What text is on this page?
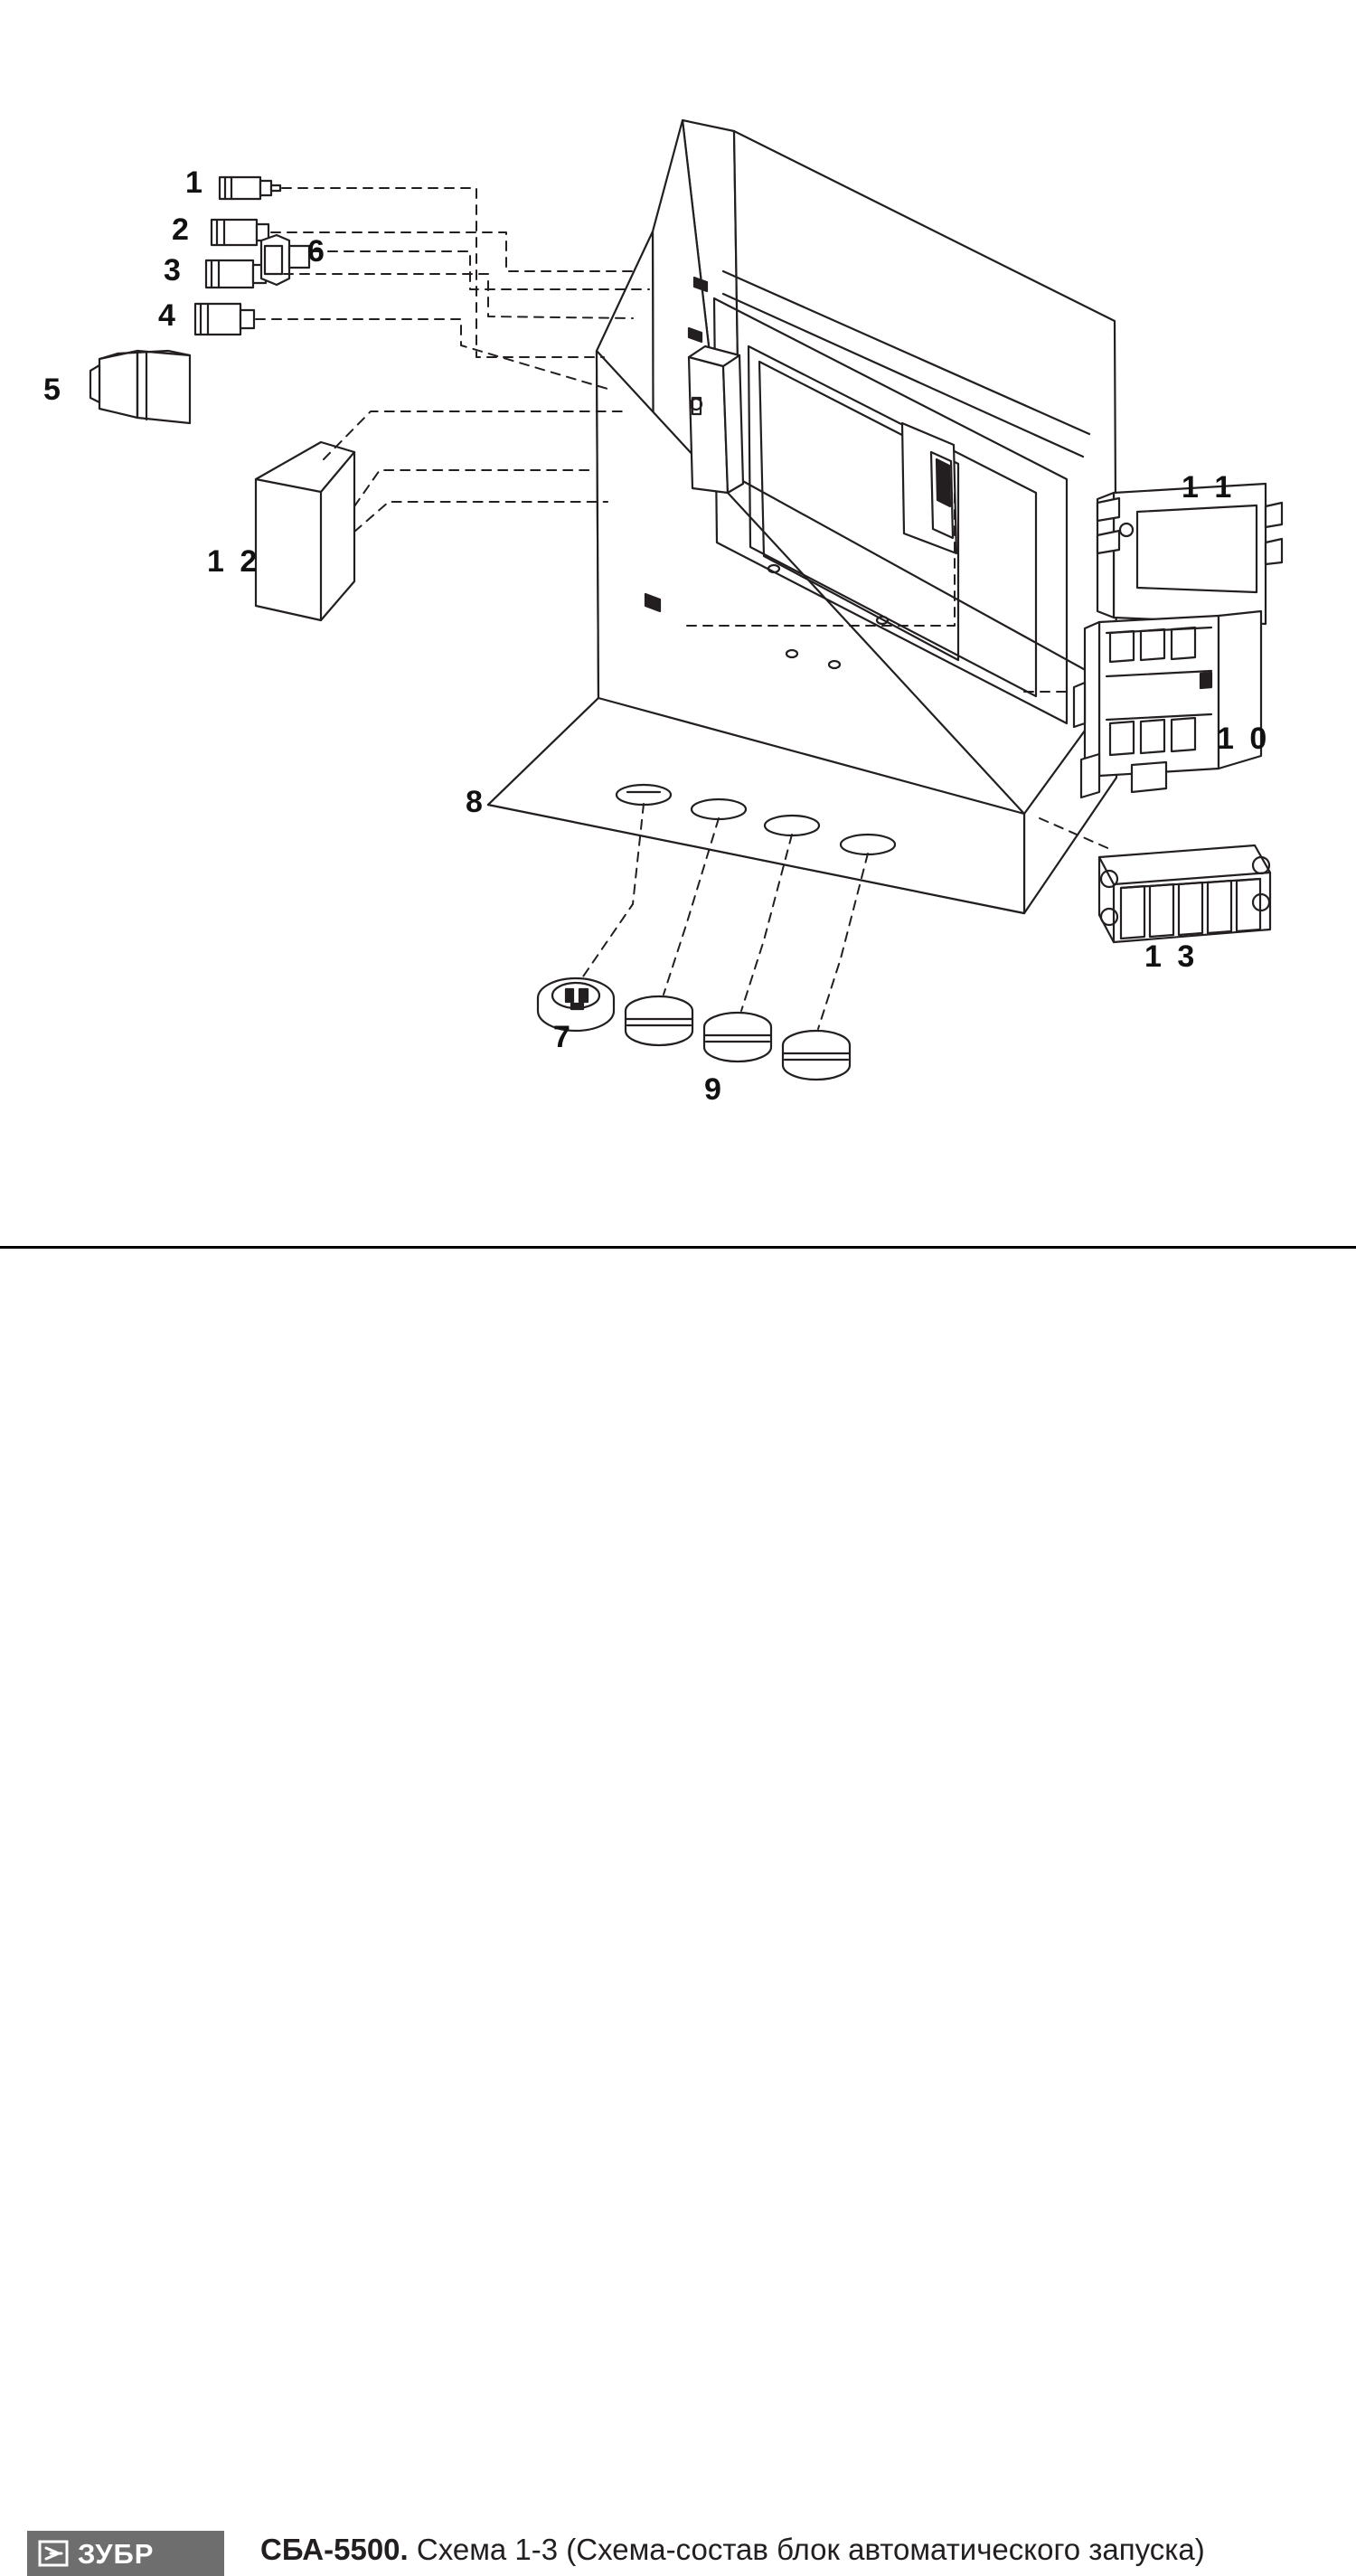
1
2
3
4
5
6
7
8
9
1 0
1 1
1 2
1 3
ЗУБР	СБА-5500. Схема 1-3 (Схема-состав блок автоматического запуска)
